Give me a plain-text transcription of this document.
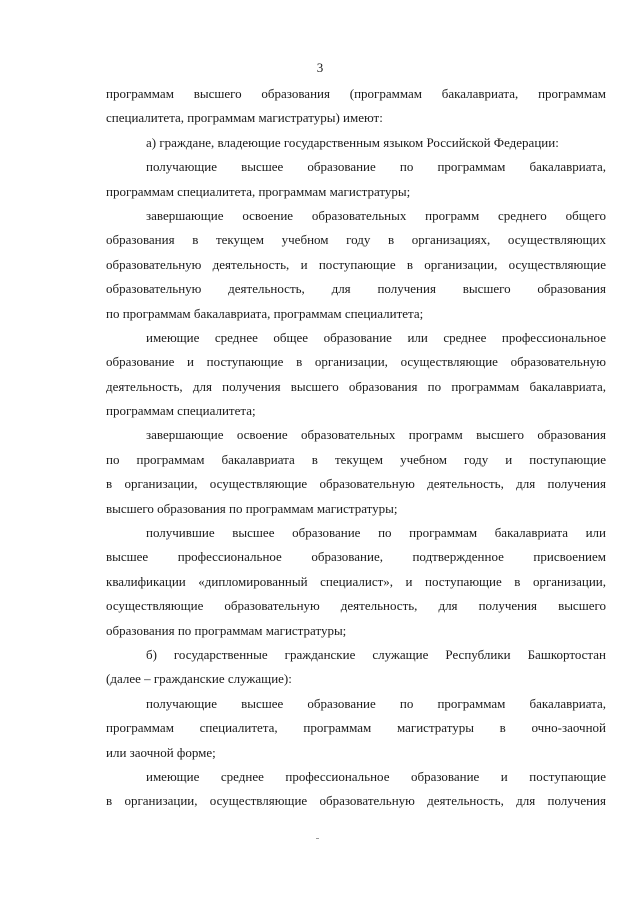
3
программам высшего образования (программам бакалавриата, программам
специалитета, программам магистратуры) имеют:
а) граждане, владеющие государственным языком Российской Федерации:
получающие высшее образование по программам бакалавриата,
программам специалитета, программам магистратуры;
завершающие освоение образовательных программ среднего общего
образования в текущем учебном году в организациях, осуществляющих
образовательную деятельность, и поступающие в организации, осуществляющие
образовательную деятельность, для получения высшего образования
по программам бакалавриата, программам специалитета;
имеющие среднее общее образование или среднее профессиональное
образование и поступающие в организации, осуществляющие образовательную
деятельность, для получения высшего образования по программам бакалавриата,
программам специалитета;
завершающие освоение образовательных программ высшего образования
по программам бакалавриата в текущем учебном году и поступающие
в организации, осуществляющие образовательную деятельность, для получения
высшего образования по программам магистратуры;
получившие высшее образование по программам бакалавриата или
высшее профессиональное образование, подтвержденное присвоением
квалификации «дипломированный специалист», и поступающие в организации,
осуществляющие образовательную деятельность, для получения высшего
образования по программам магистратуры;
б) государственные гражданские служащие Республики Башкортостан
(далее – гражданские служащие):
получающие высшее образование по программам бакалавриата,
программам специалитета, программам магистратуры в очно-заочной
или заочной форме;
имеющие среднее профессиональное образование и поступающие
в организации, осуществляющие образовательную деятельность, для получения
